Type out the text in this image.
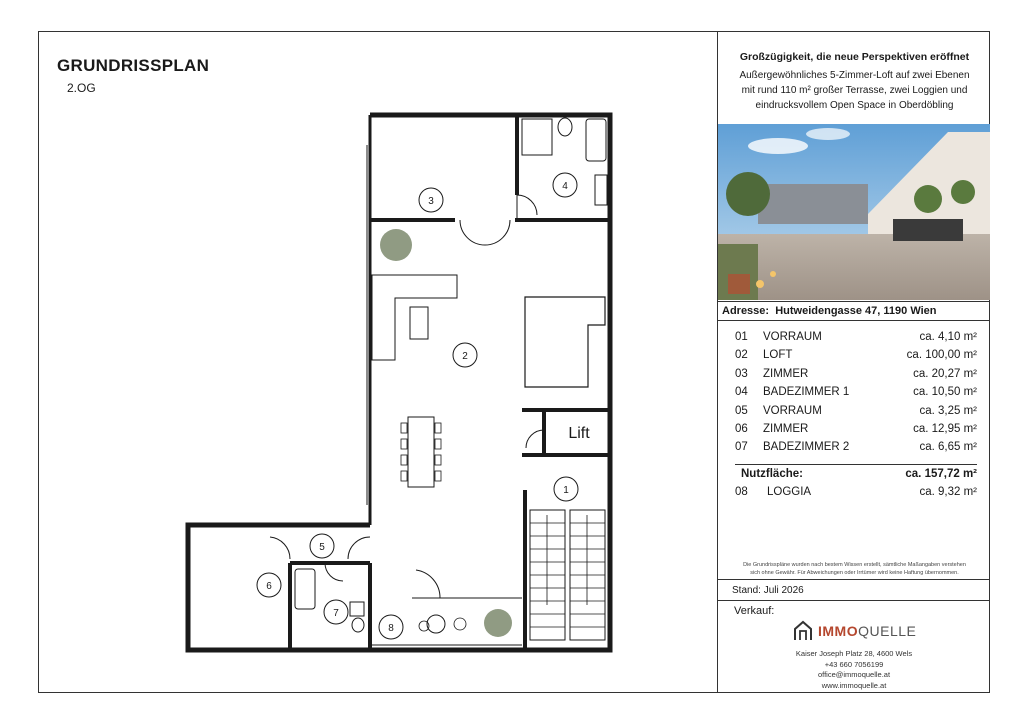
GRUNDRISSPLAN
2.OG
3
4
2
1
5
6
7
8
Lift
Großzügigkeit, die neue Perspektiven eröffnet
Außergewöhnliches 5-Zimmer-Loft auf zwei Ebenen
mit rund 110 m² großer Terrasse, zwei Loggien und
eindrucksvollem Open Space in Oberdöbling
Adresse: Hutweidengasse 47, 1190 Wien
01 VORRAUM	ca. 4,10 m²
02 LOFT	ca. 100,00 m²
03 ZIMMER	ca. 20,27 m²
04 BADEZIMMER 1	ca. 10,50 m²
05 VORRAUM	ca. 3,25 m²
06 ZIMMER	ca. 12,95 m²
07 BADEZIMMER 2	ca. 6,65 m²
Nutzfläche:	ca. 157,72 m²
08 LOGGIA	ca. 9,32 m²
Die Grundrisspläne wurden nach bestem Wissen erstellt, sämtliche Maßangaben verstehen
sich ohne Gewähr. Für Abweichungen oder Irrtümer wird keine Haftung übernommen.
Stand: Juli 2026
Verkauf:
IMMOQUELLE
Kaiser Joseph Platz 28, 4600 Wels
+43 660 7056199
office@immoquelle.at
www.immoquelle.at
